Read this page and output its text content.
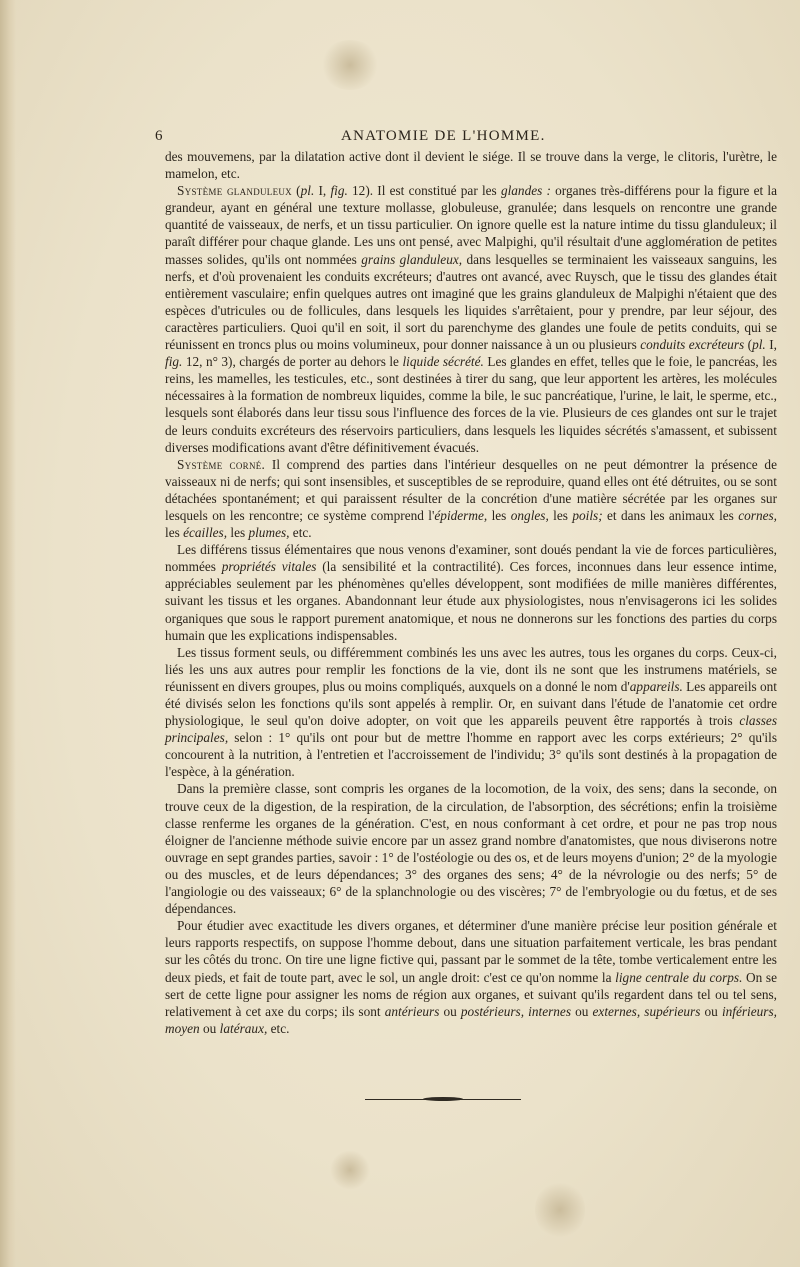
6	ANATOMIE DE L'HOMME.

des mouvemens, par la dilatation active dont il devient le siége. Il se trouve dans la verge, le clitoris, l'urètre, le mamelon, etc.

Système glanduleux (pl. I, fig. 12). Il est constitué par les glandes : organes très-différens pour la figure et la grandeur, ayant en général une texture mollasse, globuleuse, granulée; dans lesquels on rencontre une grande quantité de vaisseaux, de nerfs, et un tissu particulier. On ignore quelle est la nature intime du tissu glanduleux; il paraît différer pour chaque glande. Les uns ont pensé, avec Malpighi, qu'il résultait d'une agglomération de petites masses solides, qu'ils ont nommées grains glanduleux, dans lesquelles se terminaient les vaisseaux sanguins, les nerfs, et d'où provenaient les conduits excréteurs; d'autres ont avancé, avec Ruysch, que le tissu des glandes était entièrement vasculaire; enfin quelques autres ont imaginé que les grains glanduleux de Malpighi n'étaient que des espèces d'utricules ou de follicules, dans lesquels les liquides s'arrêtaient, pour y prendre, par leur séjour, des caractères particuliers. Quoi qu'il en soit, il sort du parenchyme des glandes une foule de petits conduits, qui se réunissent en troncs plus ou moins volumineux, pour donner naissance à un ou plusieurs conduits excréteurs (pl. I, fig. 12, n° 3), chargés de porter au dehors le liquide sécrété. Les glandes en effet, telles que le foie, le pancréas, les reins, les mamelles, les testicules, etc., sont destinées à tirer du sang, que leur apportent les artères, les molécules nécessaires à la formation de nombreux liquides, comme la bile, le suc pancréatique, l'urine, le lait, le sperme, etc., lesquels sont élaborés dans leur tissu sous l'influence des forces de la vie. Plusieurs de ces glandes ont sur le trajet de leurs conduits excréteurs des réservoirs particuliers, dans lesquels les liquides sécrétés s'amassent, et subissent diverses modifications avant d'être définitivement évacués.

Système corné. Il comprend des parties dans l'intérieur desquelles on ne peut démontrer la présence de vaisseaux ni de nerfs; qui sont insensibles, et susceptibles de se reproduire, quand elles ont été détruites, ou se sont détachées spontanément; et qui paraissent résulter de la concrétion d'une matière sécrétée par les organes sur lesquels on les rencontre; ce système comprend l'épiderme, les ongles, les poils; et dans les animaux les cornes, les écailles, les plumes, etc.

Les différens tissus élémentaires que nous venons d'examiner, sont doués pendant la vie de forces particulières, nommées propriétés vitales (la sensibilité et la contractilité). Ces forces, inconnues dans leur essence intime, appréciables seulement par les phénomènes qu'elles développent, sont modifiées de mille manières différentes, suivant les tissus et les organes. Abandonnant leur étude aux physiologistes, nous n'envisagerons ici les solides organiques que sous le rapport purement anatomique, et nous ne donnerons sur les fonctions des parties du corps humain que les explications indispensables.

Les tissus forment seuls, ou différemment combinés les uns avec les autres, tous les organes du corps. Ceux-ci, liés les uns aux autres pour remplir les fonctions de la vie, dont ils ne sont que les instrumens matériels, se réunissent en divers groupes, plus ou moins compliqués, auxquels on a donné le nom d'appareils. Les appareils ont été divisés selon les fonctions qu'ils sont appelés à remplir. Or, en suivant dans l'étude de l'anatomie cet ordre physiologique, le seul qu'on doive adopter, on voit que les appareils peuvent être rapportés à trois classes principales, selon : 1° qu'ils ont pour but de mettre l'homme en rapport avec les corps extérieurs; 2° qu'ils concourent à la nutrition, à l'entretien et l'accroissement de l'individu; 3° qu'ils sont destinés à la propagation de l'espèce, à la génération.

Dans la première classe, sont compris les organes de la locomotion, de la voix, des sens; dans la seconde, on trouve ceux de la digestion, de la respiration, de la circulation, de l'absorption, des sécrétions; enfin la troisième classe renferme les organes de la génération. C'est, en nous conformant à cet ordre, et pour ne pas trop nous éloigner de l'ancienne méthode suivie encore par un assez grand nombre d'anatomistes, que nous diviserons notre ouvrage en sept grandes parties, savoir : 1° de l'ostéologie ou des os, et de leurs moyens d'union; 2° de la myologie ou des muscles, et de leurs dépendances; 3° des organes des sens; 4° de la névrologie ou des nerfs; 5° de l'angiologie ou des vaisseaux; 6° de la splanchnologie ou des viscères; 7° de l'embryologie ou du fœtus, et de ses dépendances.

Pour étudier avec exactitude les divers organes, et déterminer d'une manière précise leur position générale et leurs rapports respectifs, on suppose l'homme debout, dans une situation parfaitement verticale, les bras pendant sur les côtés du tronc. On tire une ligne fictive qui, passant par le sommet de la tête, tombe verticalement entre les deux pieds, et fait de toute part, avec le sol, un angle droit: c'est ce qu'on nomme la ligne centrale du corps. On se sert de cette ligne pour assigner les noms de région aux organes, et suivant qu'ils regardent dans tel ou tel sens, relativement à cet axe du corps; ils sont antérieurs ou postérieurs, internes ou externes, supérieurs ou inférieurs, moyen ou latéraux, etc.
